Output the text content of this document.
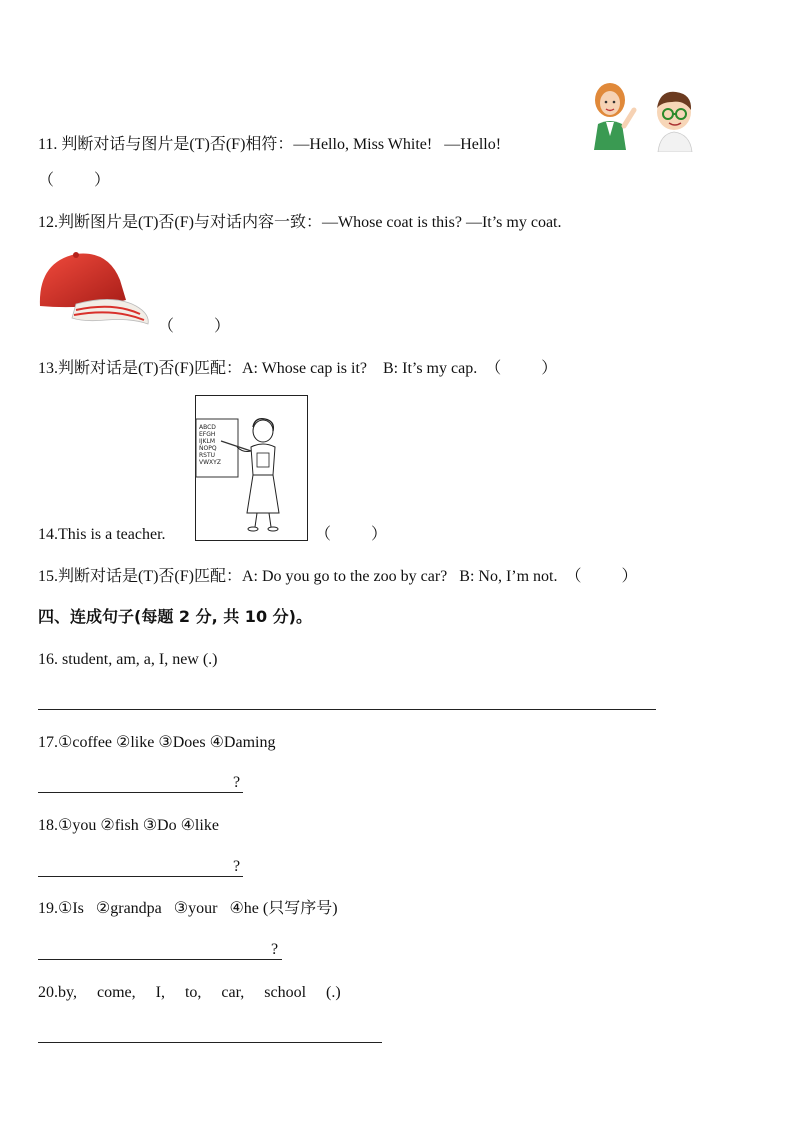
11. 判断对话与图片是(T)否(F)相符：—Hello, Miss White!   —Hello!
（          ）
12.判断图片是(T)否(F)与对话内容一致：—Whose coat is this? —It’s my coat.
（          ）
13.判断对话是(T)否(F)匹配：A: Whose cap is it?    B: It’s my cap.  （          ）
ABCD
EFGH
IJKLM
NOPQ
RSTU
VWXYZ
14.This is a teacher.	（          ）
15.判断对话是(T)否(F)匹配：A: Do you go to the zoo by car?   B: No, I’m not.  （          ）
四、连成句子(每题 2 分, 共 10 分)。
16. student, am, a, I, new (.)
17.①coffee ②like ③Does ④Daming
?
18.①you ②fish ③Do ④like
?
19.①Is   ②grandpa   ③your   ④he (只写序号)
?
20.by,     come,     I,     to,     car,     school     (.)
